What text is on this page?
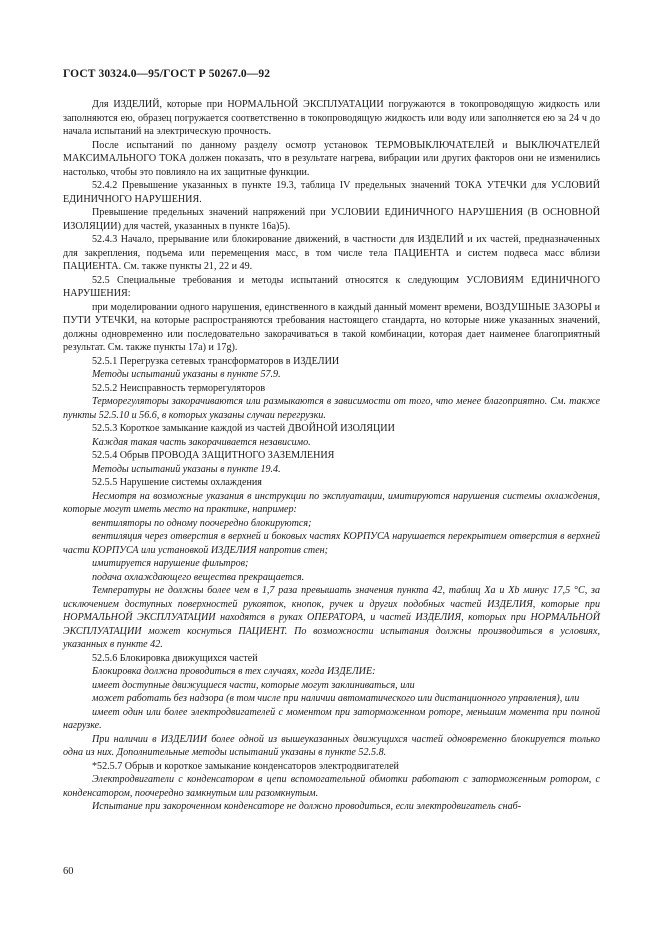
ГОСТ 30324.0—95/ГОСТ Р 50267.0—92

Для ИЗДЕЛИЙ, которые при НОРМАЛЬНОЙ ЭКСПЛУАТАЦИИ погружаются в токопроводящую жидкость или заполняются ею, образец погружается соответственно в токопроводящую жидкость или воду или заполняется ею за 24 ч до начала испытаний на электрическую прочность.

После испытаний по данному разделу осмотр установок ТЕРМОВЫКЛЮЧАТЕЛЕЙ и ВЫКЛЮЧАТЕЛЕЙ МАКСИМАЛЬНОГО ТОКА должен показать, что в результате нагрева, вибрации или других факторов они не изменились настолько, чтобы это повлияло на их защитные функции.

52.4.2 Превышение указанных в пункте 19.3, таблица IV предельных значений ТОКА УТЕЧКИ для УСЛОВИЙ ЕДИНИЧНОГО НАРУШЕНИЯ.

Превышение предельных значений напряжений при УСЛОВИИ ЕДИНИЧНОГО НАРУШЕНИЯ (В ОСНОВНОЙ ИЗОЛЯЦИИ) для частей, указанных в пункте 16а)5).

52.4.3 Начало, прерывание или блокирование движений, в частности для ИЗДЕЛИЙ и их частей, предназначенных для закрепления, подъема или перемещения масс, в том числе тела ПАЦИЕНТА и систем подвеса масс вблизи ПАЦИЕНТА. См. также пункты 21, 22 и 49.

52.5 Специальные требования и методы испытаний относятся к следующим УСЛОВИЯМ ЕДИНИЧНОГО НАРУШЕНИЯ:

при моделировании одного нарушения, единственного в каждый данный момент времени, ВОЗДУШНЫЕ ЗАЗОРЫ и ПУТИ УТЕЧКИ, на которые распространяются требования настоящего стандарта, но которые ниже указанных значений, должны одновременно или последовательно закорачиваться в такой комбинации, которая дает наименее благоприятный результат. См. также пункты 17а) и 17g).

52.5.1 Перегрузка сетевых трансформаторов в ИЗДЕЛИИ

Методы испытаний указаны в пункте 57.9.

52.5.2 Неисправность терморегуляторов

Терморегуляторы закорачиваются или размыкаются в зависимости от того, что менее благоприятно. См. также пункты 52.5.10 и 56.6, в которых указаны случаи перегрузки.

52.5.3 Короткое замыкание каждой из частей ДВОЙНОЙ ИЗОЛЯЦИИ

Каждая такая часть закорачивается независимо.

52.5.4 Обрыв ПРОВОДА ЗАЩИТНОГО ЗАЗЕМЛЕНИЯ

Методы испытаний указаны в пункте 19.4.

52.5.5 Нарушение системы охлаждения

Несмотря на возможные указания в инструкции по эксплуатации, имитируются нарушения системы охлаждения, которые могут иметь место на практике, например:

вентиляторы по одному поочередно блокируются;

вентиляция через отверстия в верхней и боковых частях КОРПУСА нарушается перекрытием отверстия в верхней части КОРПУСА или установкой ИЗДЕЛИЯ напротив стен;

имитируется нарушение фильтров;

подача охлаждающего вещества прекращается.

Температуры не должны более чем в 1,7 раза превышать значения пункта 42, таблиц Xa и Xb минус 17,5 °C, за исключением доступных поверхностей рукояток, кнопок, ручек и других подобных частей ИЗДЕЛИЯ, которые при НОРМАЛЬНОЙ ЭКСПЛУАТАЦИИ находятся в руках ОПЕРАТОРА, и частей ИЗДЕЛИЯ, которых при НОРМАЛЬНОЙ ЭКСПЛУАТАЦИИ может коснуться ПАЦИЕНТ. По возможности испытания должны производиться в условиях, указанных в пункте 42.

52.5.6 Блокировка движущихся частей

Блокировка должна проводиться в тех случаях, когда ИЗДЕЛИЕ:

имеет доступные движущиеся части, которые могут заклиниваться, или

может работать без надзора (в том числе при наличии автоматического или дистанционного управления), или

имеет один или более электродвигателей с моментом при заторможенном роторе, меньшим момента при полной нагрузке.

При наличии в ИЗДЕЛИИ более одной из вышеуказанных движущихся частей одновременно блокируется только одна из них. Дополнительные методы испытаний указаны в пункте 52.5.8.

*52.5.7 Обрыв и короткое замыкание конденсаторов электродвигателей

Электродвигатели с конденсатором в цепи вспомогательной обмотки работают с заторможенным ротором, с конденсатором, поочередно замкнутым или разомкнутым.

Испытание при закороченном конденсаторе не должно проводиться, если электродвигатель снаб-

60
